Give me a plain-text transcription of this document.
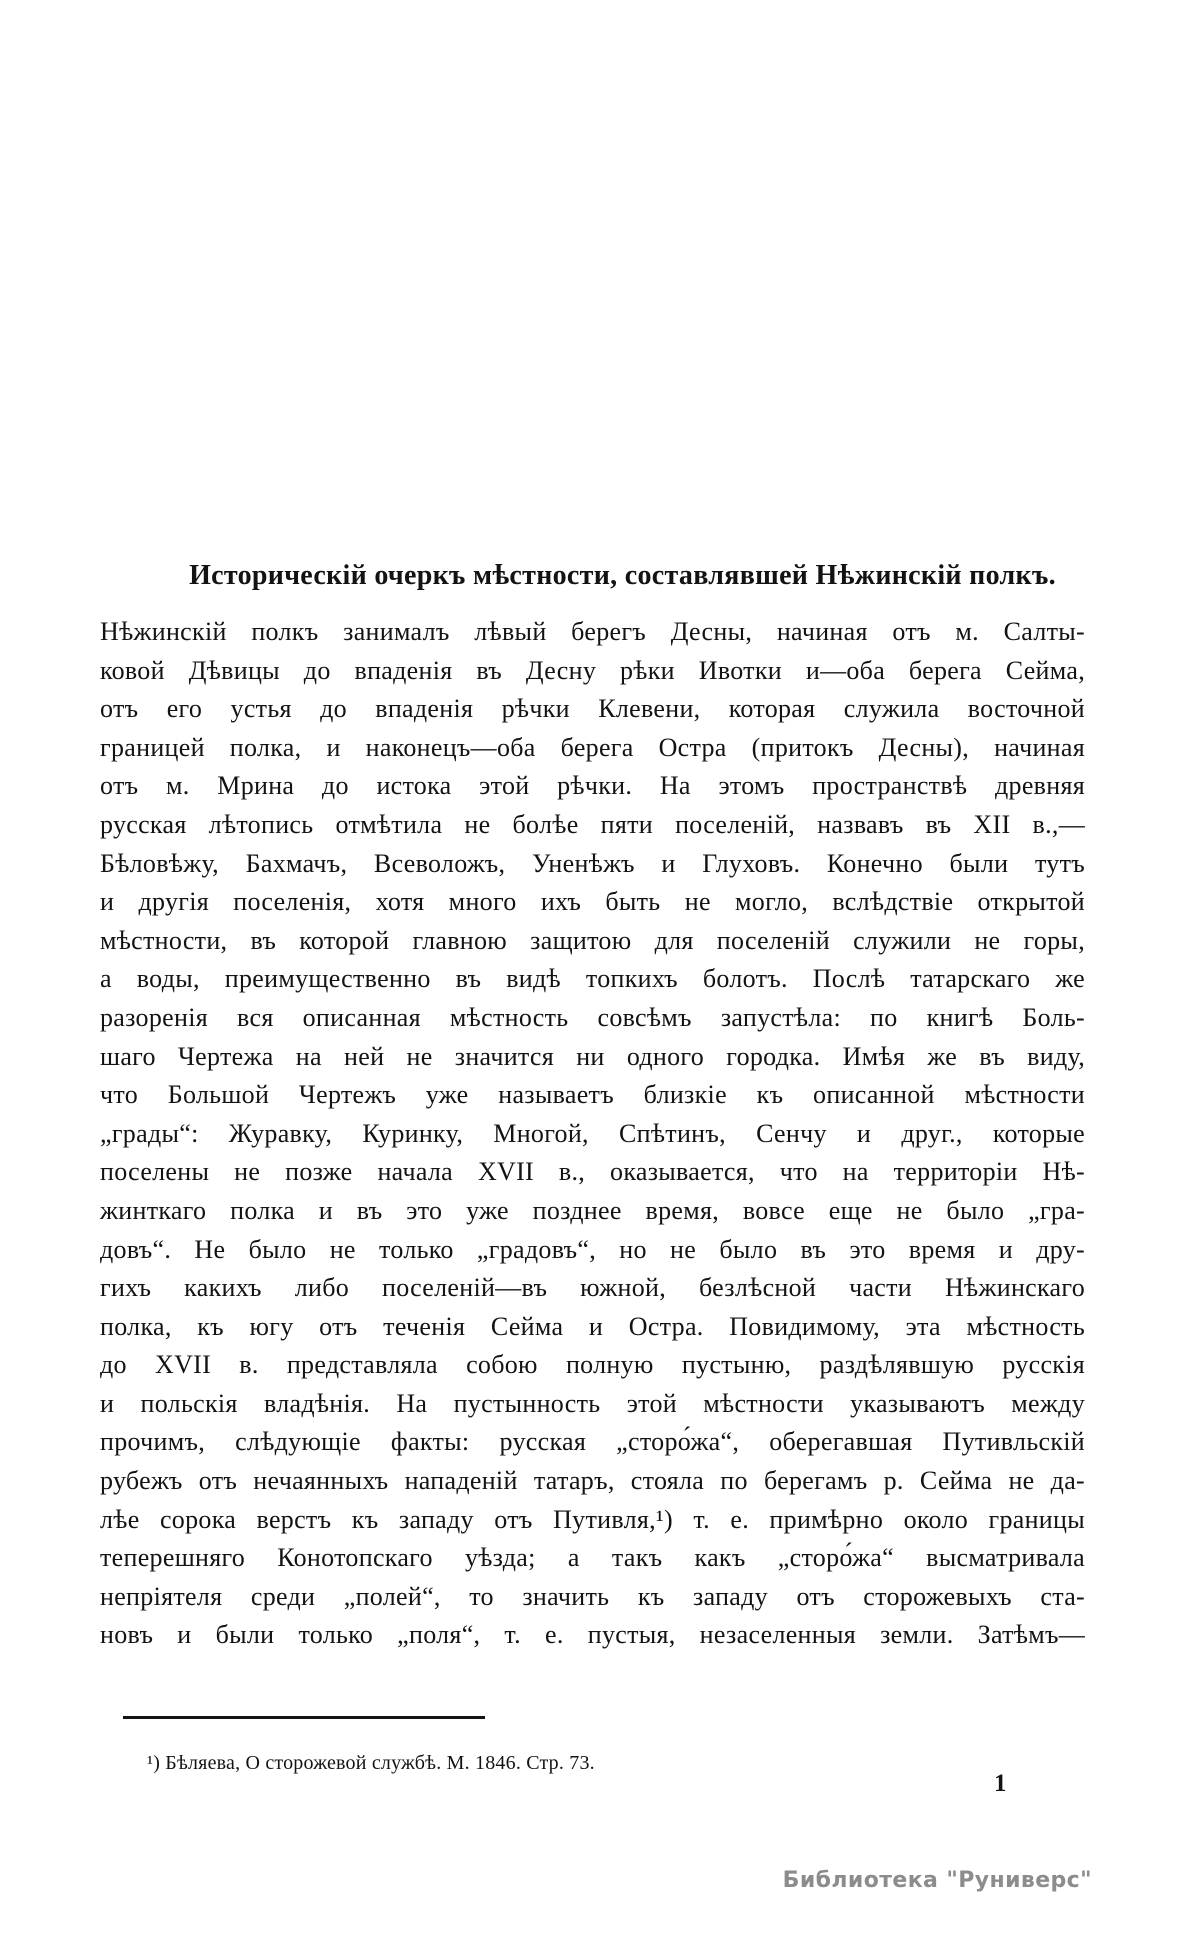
Историческій очеркъ мѣстности, составлявшей Нѣжинскій полкъ.
Нѣжинскій полкъ занималъ лѣвый берегъ Десны, начиная отъ м. Салты-
ковой Дѣвицы до впаденія въ Десну рѣки Ивотки и—оба берега Сейма,
отъ его устья до впаденія рѣчки Клевени, которая служила восточной
границей полка, и наконецъ—оба берега Остра (притокъ Десны), начиная
отъ м. Мрина до истока этой рѣчки. На этомъ пространствѣ древняя
русская лѣтопись отмѣтила не болѣе пяти поселеній, назвавъ въ XII в.,—
Бѣловѣжу, Бахмачъ, Всеволожъ, Уненѣжъ и Глуховъ. Конечно были тутъ
и другія поселенія, хотя много ихъ быть не могло, вслѣдствіе открытой
мѣстности, въ которой главною защитою для поселеній служили не горы,
а воды, преимущественно въ видѣ топкихъ болотъ. Послѣ татарскаго же
разоренія вся описанная мѣстность совсѣмъ запустѣла: по книгѣ Боль-
шаго Чертежа на ней не значится ни одного городка. Имѣя же въ виду,
что Большой Чертежъ уже называетъ близкіе къ описанной мѣстности
„грады“: Журавку, Куринку, Многой, Спѣтинъ, Сенчу и друг., которые
поселены не позже начала XVII в., оказывается, что на территоріи Нѣ-
жинткаго полка и въ это уже позднее время, вовсе еще не было „гра-
довъ“. Не было не только „градовъ“, но не было въ это время и дру-
гихъ какихъ либо поселеній—въ южной, безлѣсной части Нѣжинскаго
полка, къ югу отъ теченія Сейма и Остра. Повидимому, эта мѣстность
до XVII в. представляла собою полную пустыню, раздѣлявшую русскія
и польскія владѣнія. На пустынность этой мѣстности указываютъ между
прочимъ, слѣдующіе факты: русская „сторо́жа“, оберегавшая Путивльскій
рубежъ отъ нечаянныхъ нападеній татаръ, стояла по берегамъ р. Сейма не да-
лѣе сорока верстъ къ западу отъ Путивля,¹) т. е. примѣрно около границы
теперешняго Конотопскаго уѣзда; а такъ какъ „сторо́жа“ высматривала
непріятеля среди „полей“, то значить къ западу отъ сторожевыхъ ста-
новъ и были только „поля“, т. е. пустыя, незаселенныя земли. Затѣмъ—
¹) Бѣляева, О сторожевой службѣ. М. 1846. Стр. 73.
1
Библиотека "Руниверс"
